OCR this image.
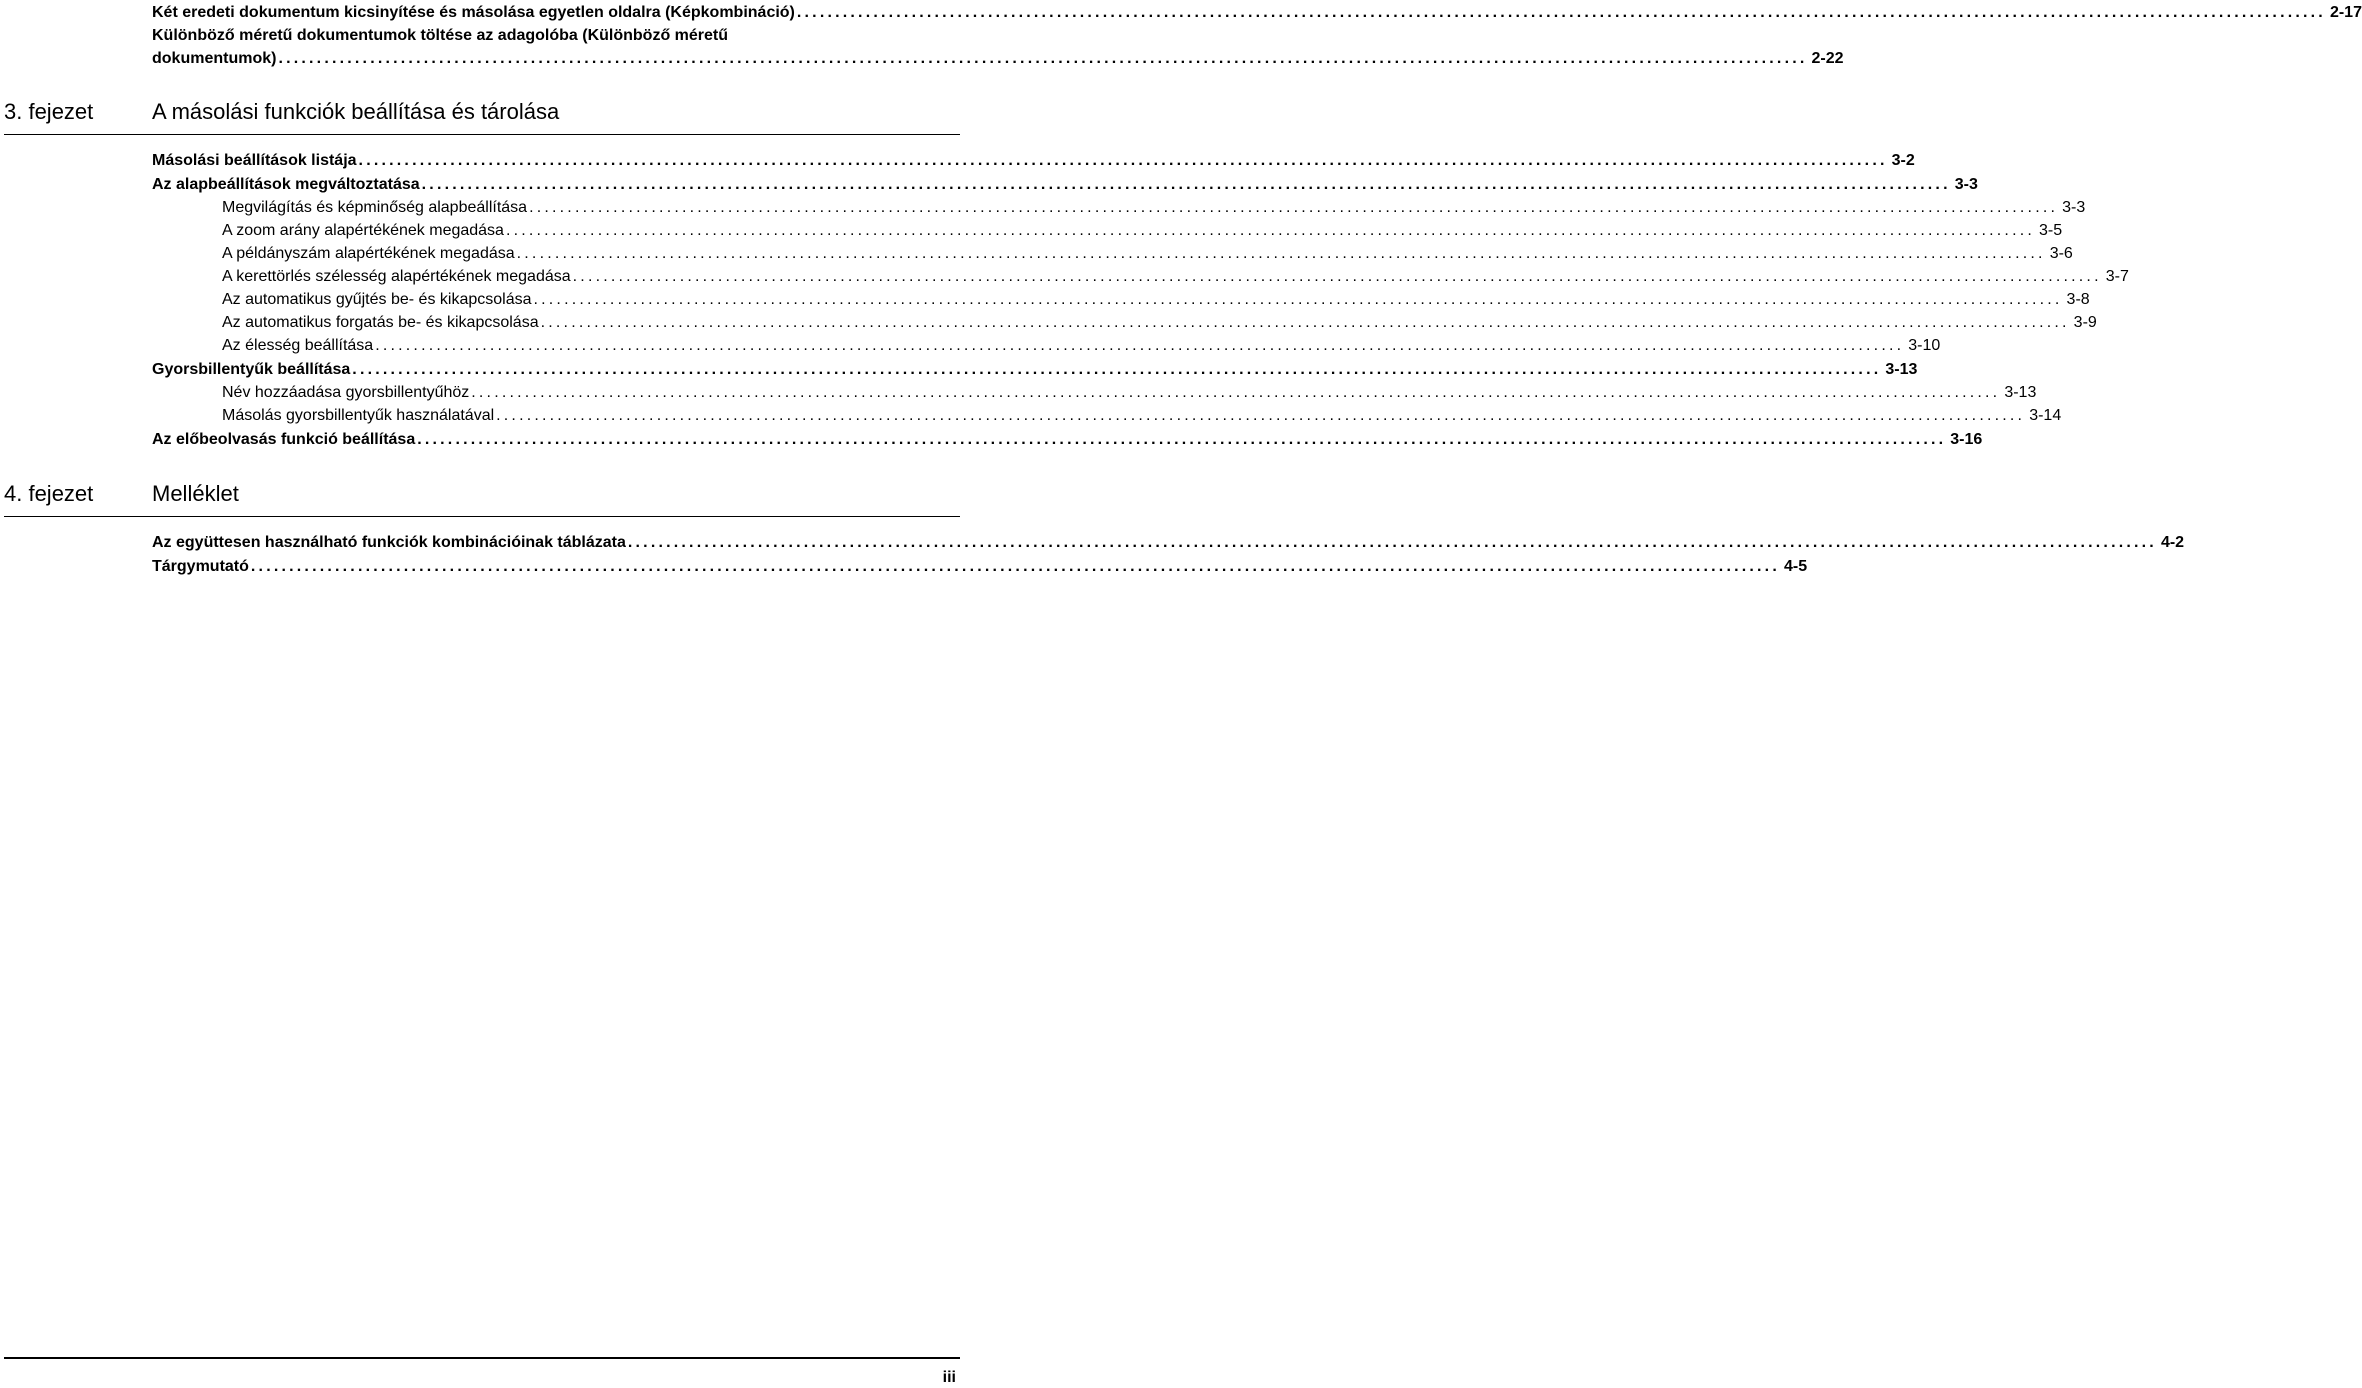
Két eredeti dokumentum kicsinyítése és másolása egyetlen oldalra (Képkombináció) ........................................................................................................................................................................................................ 2-17
Különböző méretű dokumentumok töltése az adagolóba (Különböző méretű
dokumentumok) ........................................................................................................................................................................................................ 2-22
3. fejezet	A másolási funkciók beállítása és tárolása
Másolási beállítások listája ........................................................................................................................................................................................................ 3-2
Az alapbeállítások megváltoztatása ........................................................................................................................................................................................................ 3-3
Megvilágítás és képminőség alapbeállítása ........................................................................................................................................................................................................ 3-3
A zoom arány alapértékének megadása ........................................................................................................................................................................................................ 3-5
A példányszám alapértékének megadása ........................................................................................................................................................................................................ 3-6
A kerettörlés szélesség alapértékének megadása ........................................................................................................................................................................................................ 3-7
Az automatikus gyűjtés be- és kikapcsolása ........................................................................................................................................................................................................ 3-8
Az automatikus forgatás be- és kikapcsolása ........................................................................................................................................................................................................ 3-9
Az élesség beállítása ........................................................................................................................................................................................................ 3-10
Gyorsbillentyűk beállítása ........................................................................................................................................................................................................ 3-13
Név hozzáadása gyorsbillentyűhöz ........................................................................................................................................................................................................ 3-13
Másolás gyorsbillentyűk használatával ........................................................................................................................................................................................................ 3-14
Az előbeolvasás funkció beállítása ........................................................................................................................................................................................................ 3-16
4. fejezet	Melléklet
Az együttesen használható funkciók kombinációinak táblázata ........................................................................................................................................................................................................ 4-2
Tárgymutató ........................................................................................................................................................................................................ 4-5
iii
